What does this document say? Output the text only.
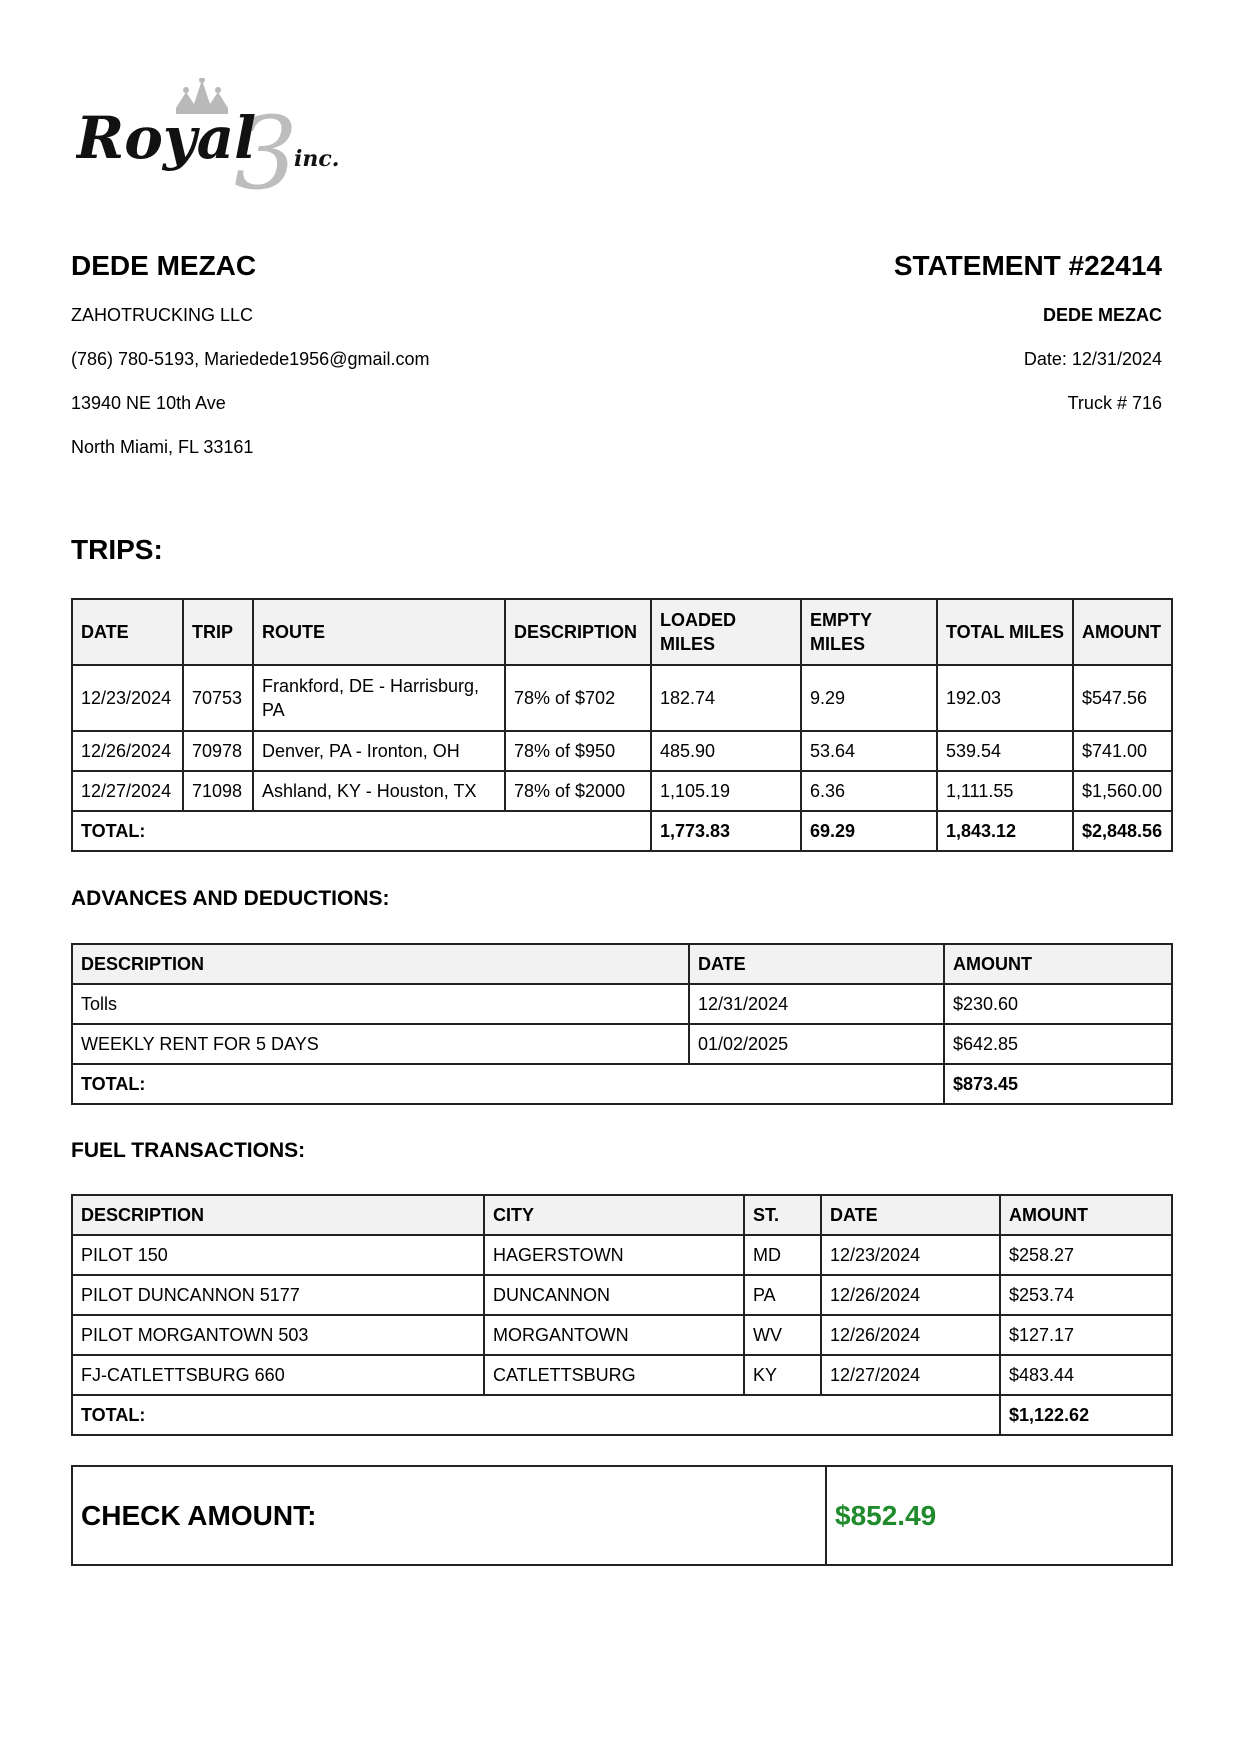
3
Royal inc.
DEDE MEZAC
ZAHOTRUCKING LLC
(786) 780-5193, Mariedede1956@gmail.com
13940 NE 10th Ave
North Miami, FL 33161
STATEMENT #22414
DEDE MEZAC
Date: 12/31/2024
Truck # 716
TRIPS:
DATE	TRIP	ROUTE	DESCRIPTION	LOADED MILES	EMPTY MILES	TOTAL MILES	AMOUNT
12/23/2024	70753	Frankford, DE - Harrisburg, PA	78% of $702	182.74	9.29	192.03	$547.56
12/26/2024	70978	Denver, PA - Ironton, OH	78% of $950	485.90	53.64	539.54	$741.00
12/27/2024	71098	Ashland, KY - Houston, TX	78% of $2000	1,105.19	6.36	1,111.55	$1,560.00
TOTAL:				1,773.83	69.29	1,843.12	$2,848.56
ADVANCES AND DEDUCTIONS:
DESCRIPTION	DATE	AMOUNT
Tolls	12/31/2024	$230.60
WEEKLY RENT FOR 5 DAYS	01/02/2025	$642.85
TOTAL:		$873.45
FUEL TRANSACTIONS:
DESCRIPTION	CITY	ST.	DATE	AMOUNT
PILOT 150	HAGERSTOWN	MD	12/23/2024	$258.27
PILOT DUNCANNON 5177	DUNCANNON	PA	12/26/2024	$253.74
PILOT MORGANTOWN 503	MORGANTOWN	WV	12/26/2024	$127.17
FJ-CATLETTSBURG 660	CATLETTSBURG	KY	12/27/2024	$483.44
TOTAL:				$1,122.62
CHECK AMOUNT:	$852.49
